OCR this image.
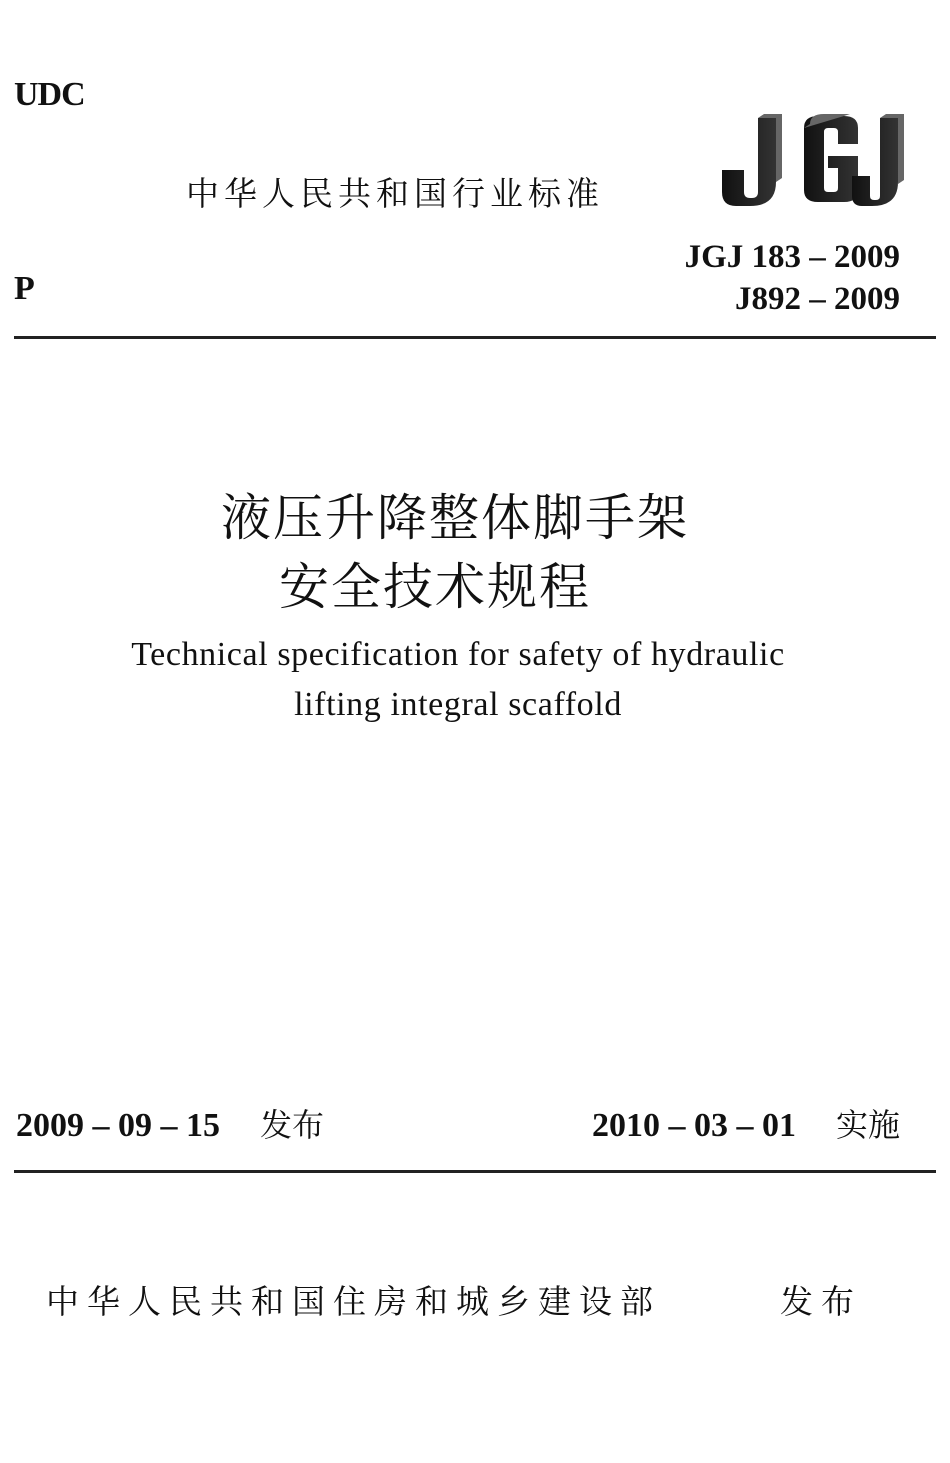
UDC
中华人民共和国行业标准
JGJ 183 – 2009
J892 – 2009
P
液压升降整体脚手架
安全技术规程
Technical specification for safety of hydraulic
lifting integral scaffold
2009 – 09 – 15 发布	2010 – 03 – 01 实施
中华人民共和国住房和城乡建设部	发布
